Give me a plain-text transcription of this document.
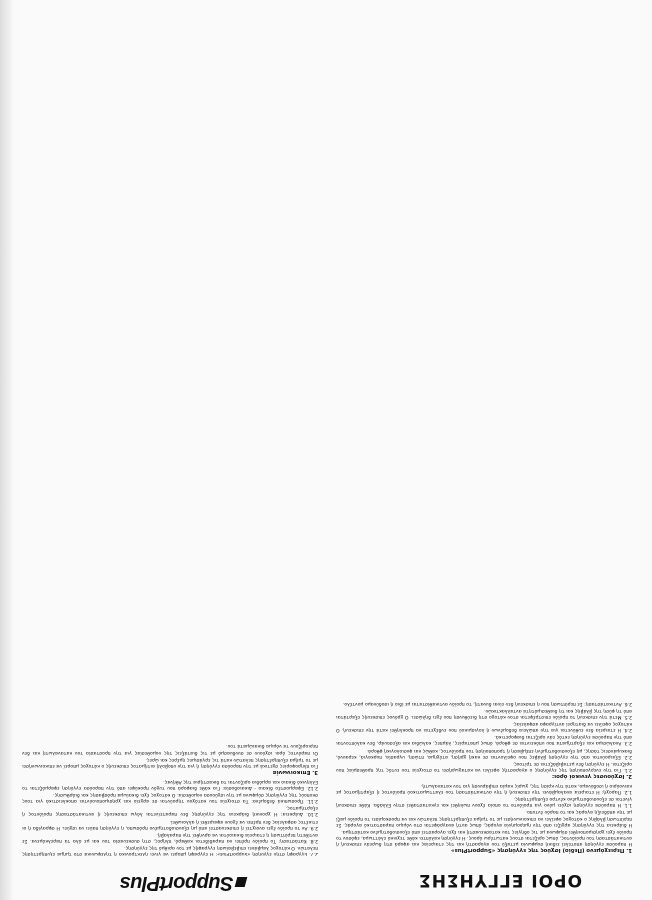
ΟΡΟΙ ΕΓΓΥΗΣΗΣ
SupportPlus
1. Περιεχόμενο (Πεδίο) Ισχύος της εγγύησης «SupportPlus»
Η παρούσα εγγύηση αποτελεί ειδική συμφωνία μεταξύ του αγοραστή και της εταιρείας και αφορά στη δωρεάν επισκευή ή αντικατάσταση του προϊόντος, όπως ορίζεται στους κατωτέρω όρους. Η εγγύηση καλύπτει κάθε τεχνικό ελάττωμα, εφόσον το προϊόν έχει χρησιμοποιηθεί σύμφωνα με τις οδηγίες του κατασκευαστή και έχει αγοραστεί από εξουσιοδοτημένο κατάστημα.
Η διάρκεια της εγγύησης αρχίζει από την ημερομηνία αγοράς, όπως αυτή αναγράφεται στο νόμιμο παραστατικό αγοράς. Σε περίπτωση βλάβης ο κάτοχος οφείλει να επικοινωνήσει με το τμήμα εξυπηρέτησης πελατών και να προσκομίσει το προϊόν μαζί με την απόδειξη αγοράς και το παρόν έντυπο.
1.1. Η παρούσα εγγύηση ισχύει μόνο για προϊόντα τα οποία έχουν πωληθεί και εγκατασταθεί στην Ελλάδα. Κάθε επισκευή γίνεται σε εξουσιοδοτημένο κέντρο εξυπηρέτησης.
1.2. Παροχή: Η εταιρεία αναλαμβάνει την επισκευή ή την αντικατάσταση του ελαττωματικού προϊόντος ή εξαρτήματος με καινούριο ή ισοδύναμο, κατά την κρίση της, χωρίς καμία επιβάρυνση για τον καταναλωτή.
2. Ισχύουσες γενικοί όροι:
2.1. Για την ενεργοποίηση της εγγύησης ο αγοραστής οφείλει να καταχωρήσει τα στοιχεία του εντός της προθεσμίας που ορίζεται. Η εγγύηση δεν μεταβιβάζεται σε τρίτους.
2.2. Εξαιρούνται από την εγγύηση βλάβες που οφείλονται σε κακή χρήση, ατύχημα, πτώση, υγρασία, πυρκαγιά, κεραυνό, διακυμάνσεις τάσης, μη εξουσιοδοτημένη επέμβαση ή τροποποίηση του προϊόντος, καθώς και φυσιολογική φθορά.
2.3. Αναλώσιμα και εξαρτήματα που υπόκεινται σε φθορά, όπως μπαταρίες, λάμπες, καλώδια και αξεσουάρ, δεν καλύπτονται από την παρούσα εγγύηση εκτός εάν ορίζεται διαφορετικά.
2.4. Η εταιρεία δεν ευθύνεται για την απώλεια δεδομένων ή λογισμικού που ενδέχεται να προκληθεί κατά την επισκευή. Ο κάτοχος οφείλει να διατηρεί αντίγραφα ασφαλείας.
2.5. Μετά την επισκευή το προϊόν επιστρέφεται στον κάτοχο στη διεύθυνση που έχει δηλώσει. Ο χρόνος επισκευής εξαρτάται από τη φύση της βλάβης και τη διαθεσιμότητα ανταλλακτικών.
2.6. Αντικατάσταση: Σε περίπτωση που η επισκευή δεν είναι δυνατή, το προϊόν αντικαθίσταται με ίδιο ή ισοδύναμο μοντέλο.
2.7. Εγγραφή στην εγγύηση «SupportPlus»: Η εγγραφή μπορεί να γίνει ηλεκτρονικά ή τηλεφωνικά στο τμήμα εξυπηρέτησης πελατών. Ο κάτοχος λαμβάνει επιβεβαίωση εγγραφής με τον αριθμό της εγγύησης.
2.8. Κατάσταση: Το προϊόν πρέπει να παραδίδεται καθαρό, πλήρες, στη συσκευασία του και με όλα τα παρελκόμενα. Σε αντίθετη περίπτωση η εταιρεία δικαιούται να αρνηθεί την παραλαβή.
2.9. Αν το προϊόν έχει ανοιχτεί ή επισκευαστεί από μη εξουσιοδοτημένο πρόσωπο, η εγγύηση παύει να ισχύει. Η σφραγίδα ή οι ετικέτες ασφαλείας δεν πρέπει να έχουν αφαιρεθεί ή αλλοιωθεί.
2.10. Διάρκεια: Η χρονική διάρκεια της εγγύησης δεν παρατείνεται λόγω επισκευής ή αντικατάστασης προϊόντος ή εξαρτήματος.
2.11. Προσωπικά δεδομένα: Τα στοιχεία του κατόχου τηρούνται σε αρχείο και χρησιμοποιούνται αποκλειστικά για τους σκοπούς της εγγύησης σύμφωνα με την ισχύουσα νομοθεσία. Ο κάτοχος έχει δικαίωμα πρόσβασης και διόρθωσης.
2.12. Εφαρμοστέο δίκαιο - Δικαιοδοσία: Για κάθε διαφορά που τυχόν προκύψει από την παρούσα εγγύηση εφαρμόζεται το Ελληνικό δίκαιο και αρμόδια ορίζονται τα δικαστήρια της Αθήνας.
3. Επικοινωνία
Για πληροφορίες σχετικά με την παρούσα εγγύηση ή για την υποβολή αιτήματος επισκευής ο κάτοχος μπορεί να επικοινωνήσει με το τμήμα εξυπηρέτησης πελατών κατά τις εργάσιμες ημέρες και ώρες.
Οι παρόντες όροι ισχύουν σε συνδυασμό με τις διατάξεις της νομοθεσίας για την προστασία του καταναλωτή και δεν περιορίζουν τα νόμιμα δικαιώματά του.
